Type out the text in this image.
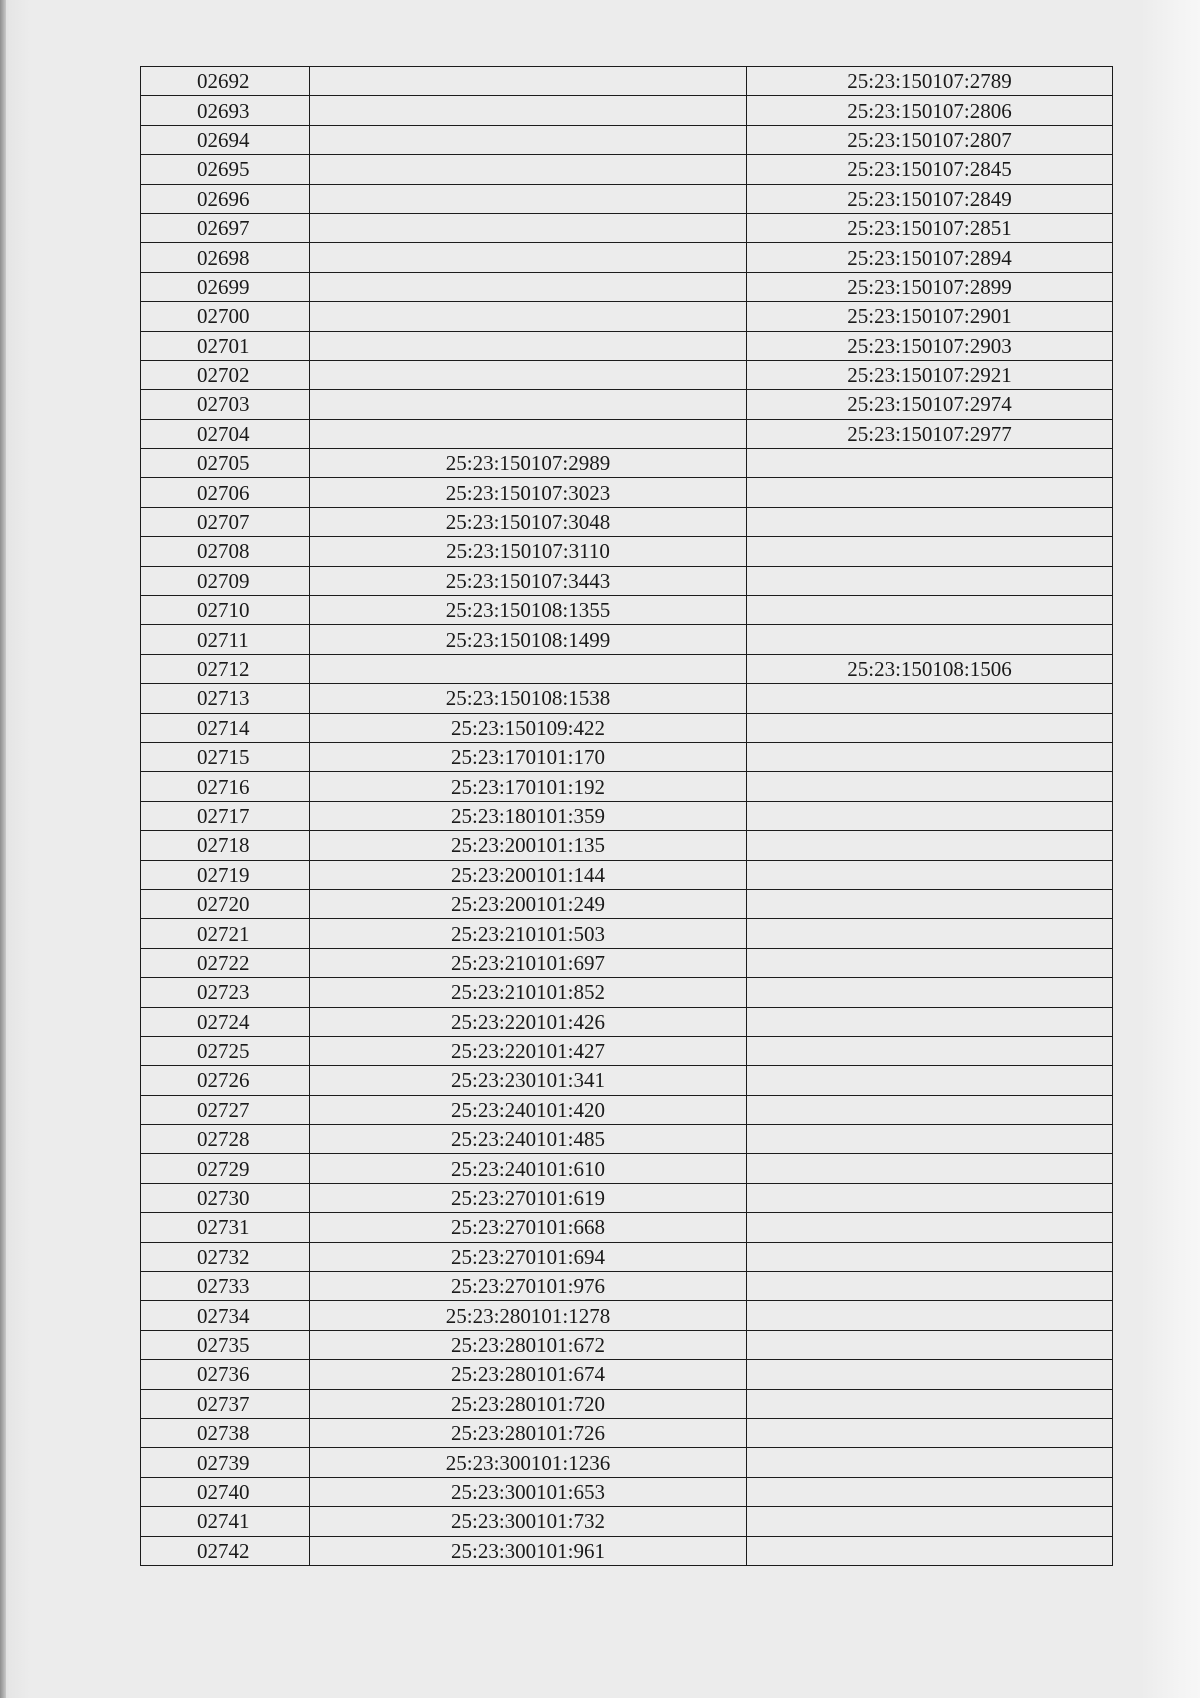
02692		25:23:150107:2789
02693		25:23:150107:2806
02694		25:23:150107:2807
02695		25:23:150107:2845
02696		25:23:150107:2849
02697		25:23:150107:2851
02698		25:23:150107:2894
02699		25:23:150107:2899
02700		25:23:150107:2901
02701		25:23:150107:2903
02702		25:23:150107:2921
02703		25:23:150107:2974
02704		25:23:150107:2977
02705	25:23:150107:2989	
02706	25:23:150107:3023	
02707	25:23:150107:3048	
02708	25:23:150107:3110	
02709	25:23:150107:3443	
02710	25:23:150108:1355	
02711	25:23:150108:1499	
02712		25:23:150108:1506
02713	25:23:150108:1538	
02714	25:23:150109:422	
02715	25:23:170101:170	
02716	25:23:170101:192	
02717	25:23:180101:359	
02718	25:23:200101:135	
02719	25:23:200101:144	
02720	25:23:200101:249	
02721	25:23:210101:503	
02722	25:23:210101:697	
02723	25:23:210101:852	
02724	25:23:220101:426	
02725	25:23:220101:427	
02726	25:23:230101:341	
02727	25:23:240101:420	
02728	25:23:240101:485	
02729	25:23:240101:610	
02730	25:23:270101:619	
02731	25:23:270101:668	
02732	25:23:270101:694	
02733	25:23:270101:976	
02734	25:23:280101:1278	
02735	25:23:280101:672	
02736	25:23:280101:674	
02737	25:23:280101:720	
02738	25:23:280101:726	
02739	25:23:300101:1236	
02740	25:23:300101:653	
02741	25:23:300101:732	
02742	25:23:300101:961	
